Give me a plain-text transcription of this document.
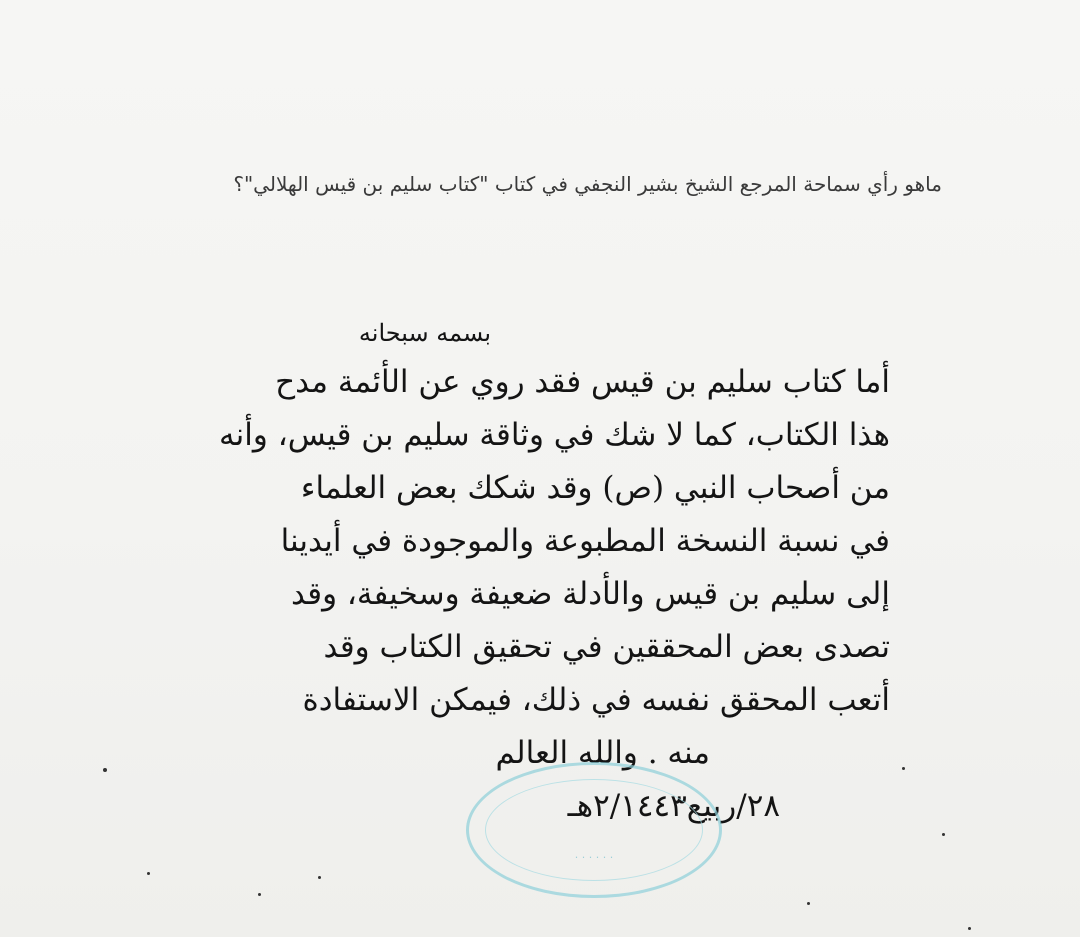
ماهو رأي سماحة المرجع الشيخ بشير النجفي في كتاب "كتاب سليم بن قيس الهلالي"؟
بسمه سبحانه
أما كتاب سليم بن قيس فقد روي عن الأئمة مدح
هذا الكتاب، كما لا شك في وثاقة سليم بن قيس، وأنه
من أصحاب النبي (ص) وقد شكك بعض العلماء
في نسبة النسخة المطبوعة والموجودة في أيدينا
إلى سليم بن قيس والأدلة ضعيفة وسخيفة، وقد
تصدى بعض المحققين في تحقيق الكتاب وقد
أتعب المحقق نفسه في ذلك، فيمكن الاستفادة
منه . والله العالم
٢٨/ربيع٢/١٤٤٣هـ
· · · · · ·
